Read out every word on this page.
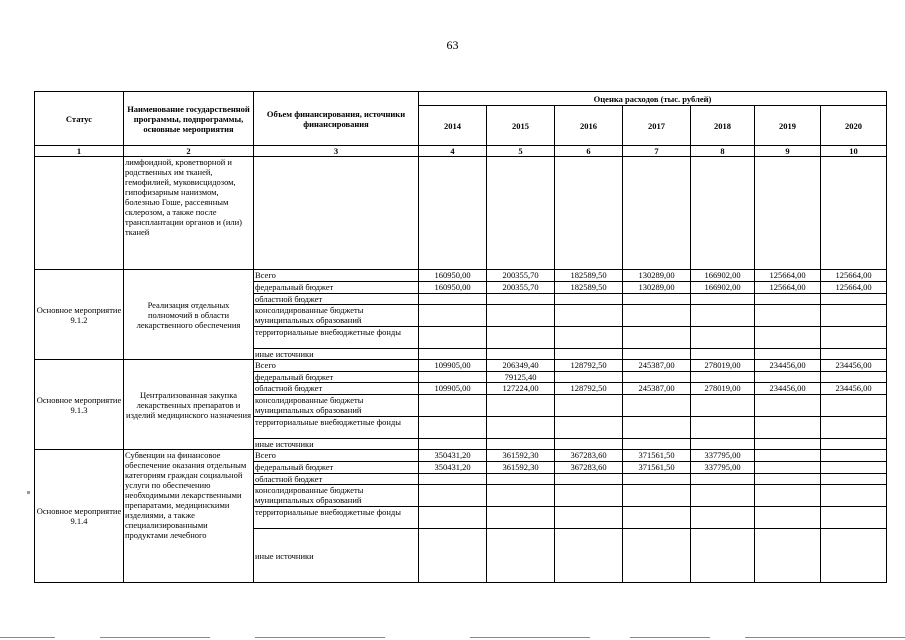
63
Статус	Наименование государственной программы, подпрограммы, основные мероприятия	Объем финансирования, источники финансирования	Оценка расходов (тыс. рублей)						
			2014	2015	2016	2017	2018	2019	2020
1	2	3	4	5	6	7	8	9	10
	лимфоидной, кроветворной и родственных им тканей, гемофилией, муковисцидозом, гипофизарным нанизмом, болезнью Гоше, рассеянным склерозом, а также после трансплантации органов и (или) тканей								
Основное мероприятие 9.1.2	Реализация отдельных полномочий в области лекарственного обеспечения	Всего	160950,00	200355,70	182589,50	130289,00	166902,00	125664,00	125664,00
		федеральный бюджет	160950,00	200355,70	182589,50	130289,00	166902,00	125664,00	125664,00
		областной бюджет							
		консолидированные бюджеты муниципальных образований							
		территориальные внебюджетные фонды							
		иные источники							
Основное мероприятие 9.1.3	Централизованная закупка лекарственных препаратов и изделий медицинского назначения	Всего	109905,00	206349,40	128792,50	245387,00	278019,00	234456,00	234456,00
		федеральный бюджет		79125,40					
		областной бюджет	109905,00	127224,00	128792,50	245387,00	278019,00	234456,00	234456,00
		консолидированные бюджеты муниципальных образований							
		территориальные внебюджетные фонды							
		иные источники							
Основное мероприятие 9.1.4	Субвенции на финансовое обеспечение оказания отдельным категориям граждан социальной услуги по обеспечению необходимыми лекарственными препаратами, медицинскими изделиями, а также специализированными продуктами лечебного	Всего	350431,20	361592,30	367283,60	371561,50	337795,00		
		федеральный бюджет	350431,20	361592,30	367283,60	371561,50	337795,00		
		областной бюджет							
		консолидированные бюджеты муниципальных образований							
		территориальные внебюджетные фонды							
		иные источники							
